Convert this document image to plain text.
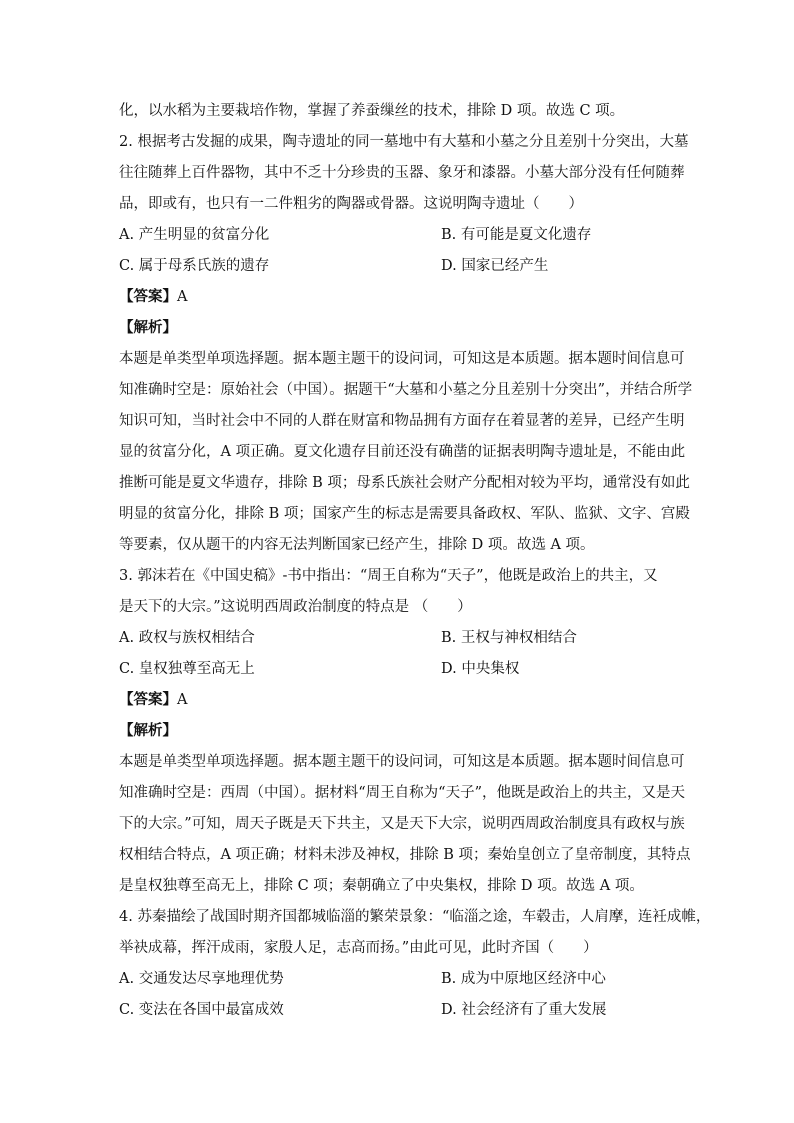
化，以水稻为主要栽培作物，掌握了养蚕缫丝的技术，排除 D 项。故选 C 项。
2. 根据考古发掘的成果，陶寺遗址的同一墓地中有大墓和小墓之分且差别十分突出，大墓
往往随葬上百件器物，其中不乏十分珍贵的玉器、象牙和漆器。小墓大部分没有任何随葬
品，即或有，也只有一二件粗劣的陶器或骨器。这说明陶寺遗址（　　）
A. 产生明显的贫富分化	B. 有可能是夏文化遗存
C. 属于母系氏族的遗存	D. 国家已经产生
【答案】A
【解析】
本题是单类型单项选择题。据本题主题干的设问词，可知这是本质题。据本题时间信息可
知准确时空是：原始社会（中国）。据题干“大墓和小墓之分且差别十分突出”，并结合所学
知识可知，当时社会中不同的人群在财富和物品拥有方面存在着显著的差异，已经产生明
显的贫富分化，A 项正确。夏文化遗存目前还没有确凿的证据表明陶寺遗址是，不能由此
推断可能是夏文华遗存，排除 B 项；母系氏族社会财产分配相对较为平均，通常没有如此
明显的贫富分化，排除 B 项；国家产生的标志是需要具备政权、军队、监狱、文字、宫殿
等要素，仅从题干的内容无法判断国家已经产生，排除 D 项。故选 A 项。
3. 郭沫若在《中国史稿》-书中指出：“周王自称为“天子”，他既是政治上的共主，又
是天下的大宗。”这说明西周政治制度的特点是 （　　）
A. 政权与族权相结合	B. 王权与神权相结合
C. 皇权独尊至高无上	D. 中央集权
【答案】A
【解析】
本题是单类型单项选择题。据本题主题干的设问词，可知这是本质题。据本题时间信息可
知准确时空是：西周（中国）。据材料“周王自称为“天子”，他既是政治上的共主，又是天
下的大宗。”可知，周天子既是天下共主，又是天下大宗，说明西周政治制度具有政权与族
权相结合特点，A 项正确；材料未涉及神权，排除 B 项；秦始皇创立了皇帝制度，其特点
是皇权独尊至高无上，排除 C 项；秦朝确立了中央集权，排除 D 项。故选 A 项。
4. 苏秦描绘了战国时期齐国都城临淄的繁荣景象：“临淄之途，车毂击，人肩摩，连衽成帷，
举袂成幕，挥汗成雨，家殷人足，志高而扬。”由此可见，此时齐国（　　）
A. 交通发达尽享地理优势	B. 成为中原地区经济中心
C. 变法在各国中最富成效	D. 社会经济有了重大发展
